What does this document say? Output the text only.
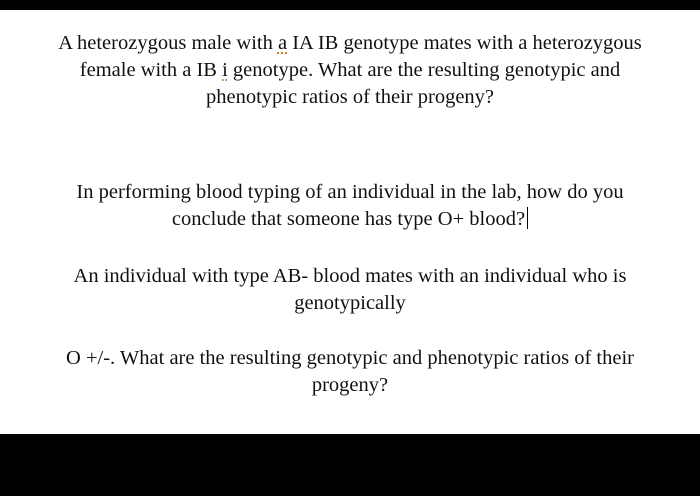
A heterozygous male with a IA IB genotype mates with a heterozygous
female with a IB i genotype. What are the resulting genotypic and
phenotypic ratios of their progeny?

In performing blood typing of an individual in the lab, how do you
conclude that someone has type O+ blood?

An individual with type AB- blood mates with an individual who is
genotypically

O +/-. What are the resulting genotypic and phenotypic ratios of their
progeny?
